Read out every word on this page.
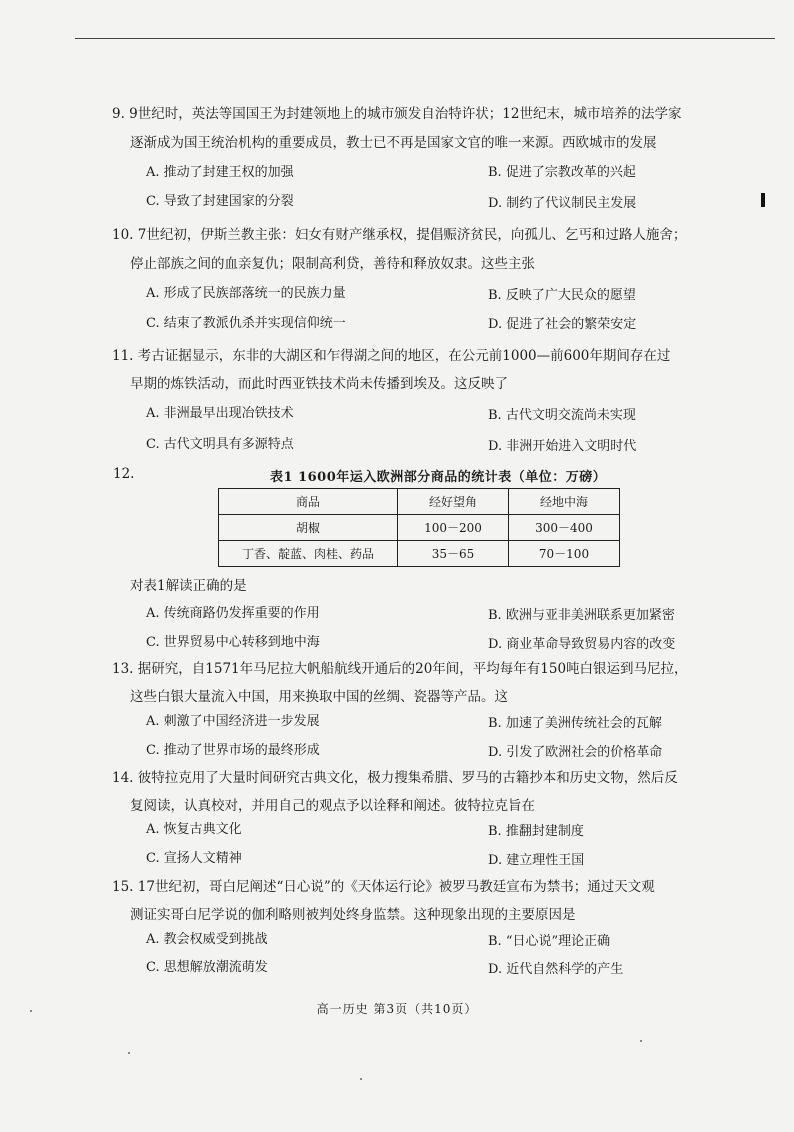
9. 9世纪时，英法等国国王为封建领地上的城市颁发自治特许状；12世纪末，城市培养的法学家
逐渐成为国王统治机构的重要成员，教士已不再是国家文官的唯一来源。西欧城市的发展
A. 推动了封建王权的加强	B. 促进了宗教改革的兴起
C. 导致了封建国家的分裂	D. 制约了代议制民主发展
10. 7世纪初，伊斯兰教主张：妇女有财产继承权，提倡赈济贫民，向孤儿、乞丐和过路人施舍；
停止部族之间的血亲复仇；限制高利贷，善待和释放奴隶。这些主张
A. 形成了民族部落统一的民族力量	B. 反映了广大民众的愿望
C. 结束了教派仇杀并实现信仰统一	D. 促进了社会的繁荣安定
11. 考古证据显示，东非的大湖区和乍得湖之间的地区，在公元前1000—前600年期间存在过
早期的炼铁活动，而此时西亚铁技术尚未传播到埃及。这反映了
A. 非洲最早出现冶铁技术	B. 古代文明交流尚未实现
C. 古代文明具有多源特点	D. 非洲开始进入文明时代
12.	表1 1600年运入欧洲部分商品的统计表（单位：万磅）
商品	经好望角	经地中海
胡椒	100－200	300－400
丁香、靛蓝、肉桂、药品	35－65	70－100
对表1解读正确的是
A. 传统商路仍发挥重要的作用	B. 欧洲与亚非美洲联系更加紧密
C. 世界贸易中心转移到地中海	D. 商业革命导致贸易内容的改变
13. 据研究，自1571年马尼拉大帆船航线开通后的20年间，平均每年有150吨白银运到马尼拉，
这些白银大量流入中国，用来换取中国的丝绸、瓷器等产品。这
A. 刺激了中国经济进一步发展	B. 加速了美洲传统社会的瓦解
C. 推动了世界市场的最终形成	D. 引发了欧洲社会的价格革命
14. 彼特拉克用了大量时间研究古典文化，极力搜集希腊、罗马的古籍抄本和历史文物，然后反
复阅读，认真校对，并用自己的观点予以诠释和阐述。彼特拉克旨在
A. 恢复古典文化	B. 推翻封建制度
C. 宣扬人文精神	D. 建立理性王国
15. 17世纪初，哥白尼阐述“日心说”的《天体运行论》被罗马教廷宣布为禁书；通过天文观
测证实哥白尼学说的伽利略则被判处终身监禁。这种现象出现的主要原因是
A. 教会权威受到挑战	B. “日心说”理论正确
C. 思想解放潮流萌发	D. 近代自然科学的产生
高一历史 第3页（共10页）
